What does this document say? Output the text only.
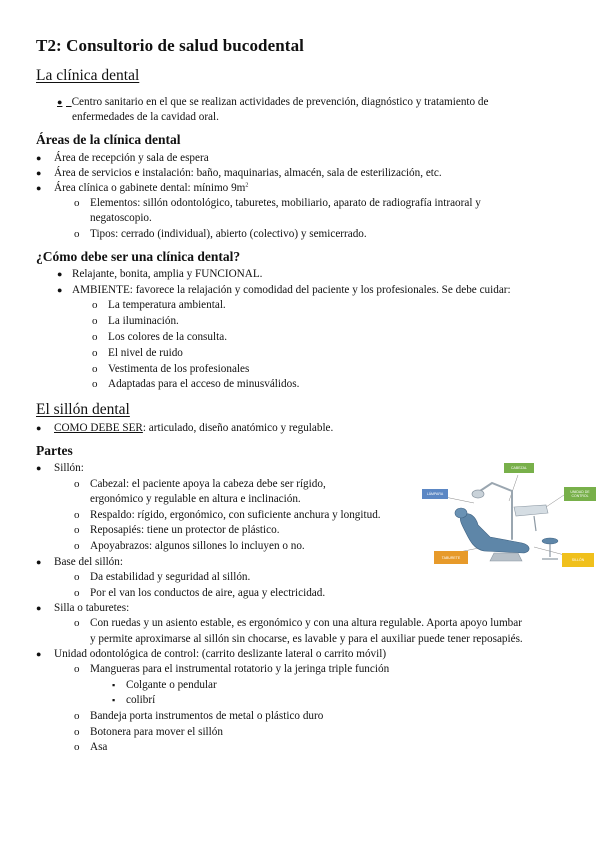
T2: Consultorio de salud bucodental
La clínica dental
● Centro sanitario en el que se realizan actividades de prevención, diagnóstico y tratamiento de
enfermedades de la cavidad oral.
Áreas de la clínica dental
● Área de recepción y sala de espera
● Área de servicios e instalación: baño, maquinarias, almacén, sala de esterilización, etc.
● Área clínica o gabinete dental: mínimo $9m^2$
o Elementos: sillón odontológico, taburetes, mobiliario, aparato de radiografía intraoral y
negatoscopio.
o Tipos: cerrado (individual), abierto (colectivo) y semicerrado.
¿Cómo debe ser una clínica dental?
● Relajante, bonita, amplia y FUNCIONAL.
● AMBIENTE: favorece la relajación y comodidad del paciente y los profesionales. Se debe cuidar:
o La temperatura ambiental.
o La iluminación.
o Los colores de la consulta.
o El nivel de ruido
o Vestimenta de los profesionales
o Adaptadas para el acceso de minusválidos.
El sillón dental
● COMO DEBE SER: articulado, diseño anatómico y regulable.
Partes
● Sillón:
o Cabezal: el paciente apoya la cabeza debe ser rígido,
ergonómico y regulable en altura e inclinación.
o Respaldo: rígido, ergonómico, con suficiente anchura y longitud.
o Reposapiés: tiene un protector de plástico.
o Apoyabrazos: algunos sillones lo incluyen o no.
● Base del sillón:
o Da estabilidad y seguridad al sillón.
o Por el van los conductos de aire, agua y electricidad.
● Silla o taburetes:
o Con ruedas y un asiento estable, es ergonómico y con una altura regulable. Aporta apoyo lumbar
y permite aproximarse al sillón sin chocarse, es lavable y para el auxiliar puede tener reposapiés.
● Unidad odontológica de control: (carrito deslizante lateral o carrito móvil)
o Mangueras para el instrumental rotatorio y la jeringa triple función
▪ Colgante o pendular
▪ colibrí
o Bandeja porta instrumentos de metal o plástico duro
o Botonera para mover el sillón
o Asa
LÁMPARA
CABEZAL
UNIDAD DE CONTROL
TABURETE
SILLÓN
